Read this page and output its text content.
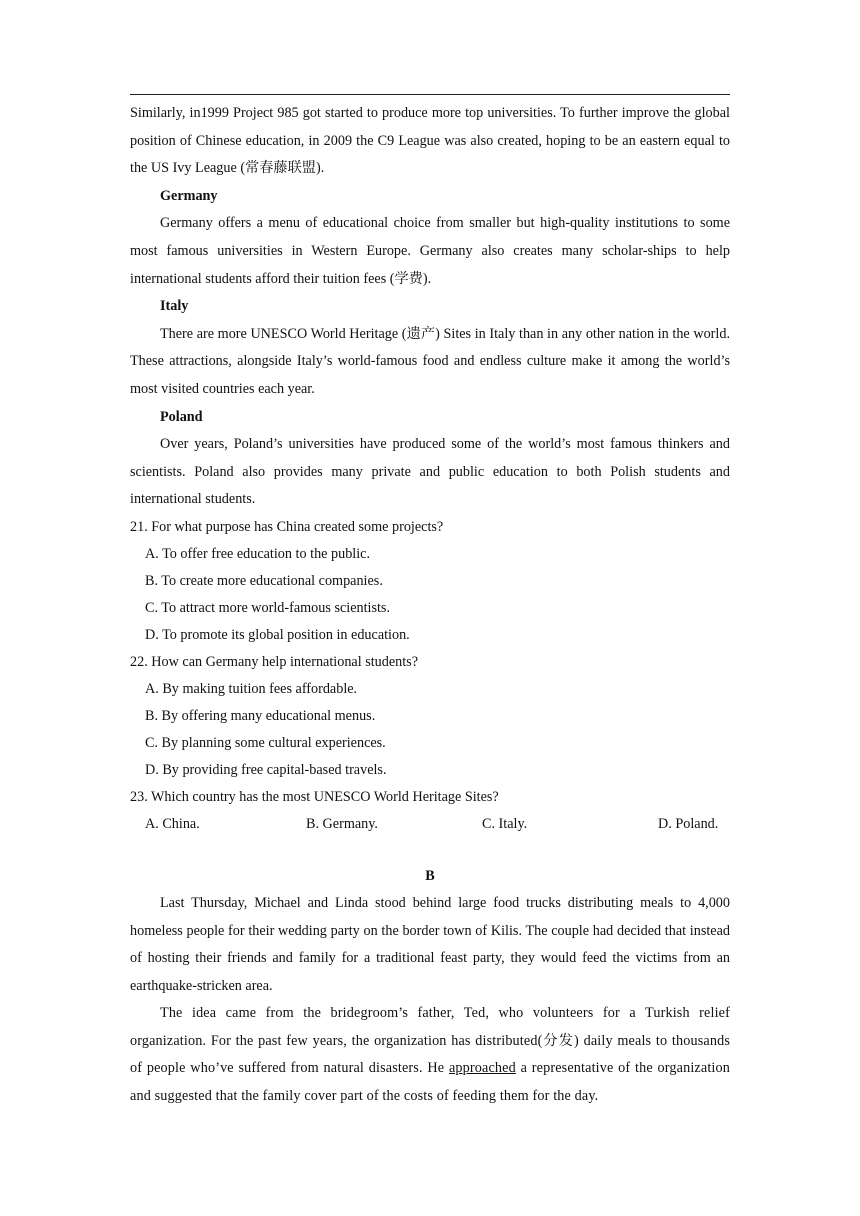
Similarly, in1999 Project 985 got started to produce more top universities. To further improve the global position of Chinese education, in 2009 the C9 League was also created, hoping to be an eastern equal to the US Ivy League (常春藤联盟).

Germany

Germany offers a menu of educational choice from smaller but high-quality institutions to some most famous universities in Western Europe. Germany also creates many scholar-ships to help international students afford their tuition fees (学费).

Italy

There are more UNESCO World Heritage (遗产) Sites in Italy than in any other nation in the world. These attractions, alongside Italy’s world-famous food and endless culture make it among the world’s most visited countries each year.

Poland

Over years, Poland’s universities have produced some of the world’s most famous thinkers and scientists. Poland also provides many private and public education to both Polish students and international students.

21. For what purpose has China created some projects?

A. To offer free education to the public.

B. To create more educational companies.

C. To attract more world-famous scientists.

D. To promote its global position in education.

22. How can Germany help international students?

A. By making tuition fees affordable.

B. By offering many educational menus.

C. By planning some cultural experiences.

D. By providing free capital-based travels.

23. Which country has the most UNESCO World Heritage Sites?

A. China.	B. Germany.	C. Italy.	D. Poland.

B

Last Thursday, Michael and Linda stood behind large food trucks distributing meals to 4,000 homeless people for their wedding party on the border town of Kilis. The couple had decided that instead of hosting their friends and family for a traditional feast party, they would feed the victims from an earthquake-stricken area.

The idea came from the bridegroom’s father, Ted, who volunteers for a Turkish relief organization. For the past few years, the organization has distributed(分发) daily meals to thousands of people who’ve suffered from natural disasters. He approached a representative of the organization and suggested that the family cover part of the costs of feeding them for the day.
